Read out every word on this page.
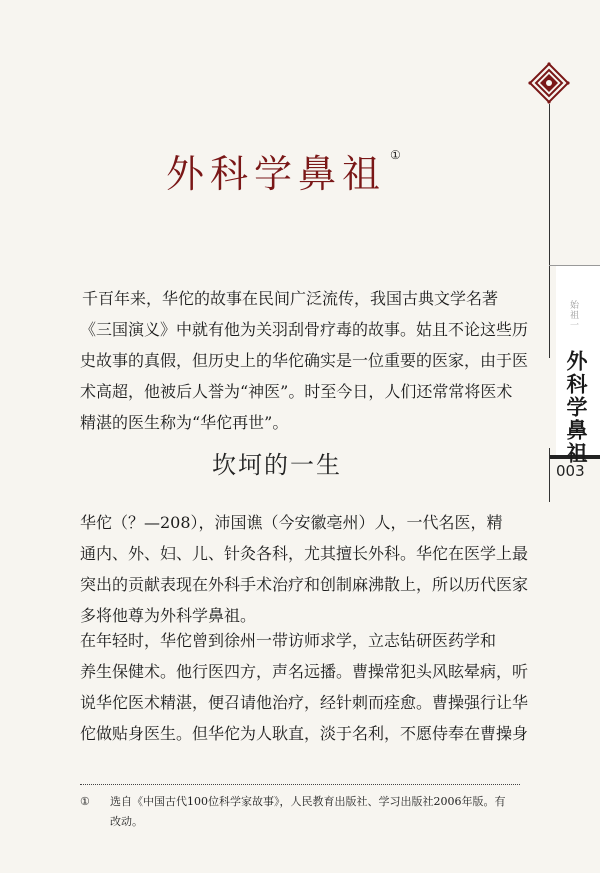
始祖一
外科学鼻祖
003
外科学鼻祖 ①

千百年来，华佗的故事在民间广泛流传，我国古典文学名著
《三国演义》中就有他为关羽刮骨疗毒的故事。姑且不论这些历
史故事的真假，但历史上的华佗确实是一位重要的医家，由于医
术高超，他被后人誉为“神医”。时至今日，人们还常常将医术
精湛的医生称为“华佗再世”。

坎坷的一生

华佗（？—208），沛国谯（今安徽亳州）人，一代名医，精
通内、外、妇、儿、针灸各科，尤其擅长外科。华佗在医学上最
突出的贡献表现在外科手术治疗和创制麻沸散上，所以历代医家
多将他尊为外科学鼻祖。

在年轻时，华佗曾到徐州一带访师求学，立志钻研医药学和
养生保健术。他行医四方，声名远播。曹操常犯头风眩晕病，听
说华佗医术精湛，便召请他治疗，经针刺而痊愈。曹操强行让华
佗做贴身医生。但华佗为人耿直，淡于名利，不愿侍奉在曹操身

① 选自《中国古代100位科学家故事》，人民教育出版社、学习出版社2006年版。有
改动。
